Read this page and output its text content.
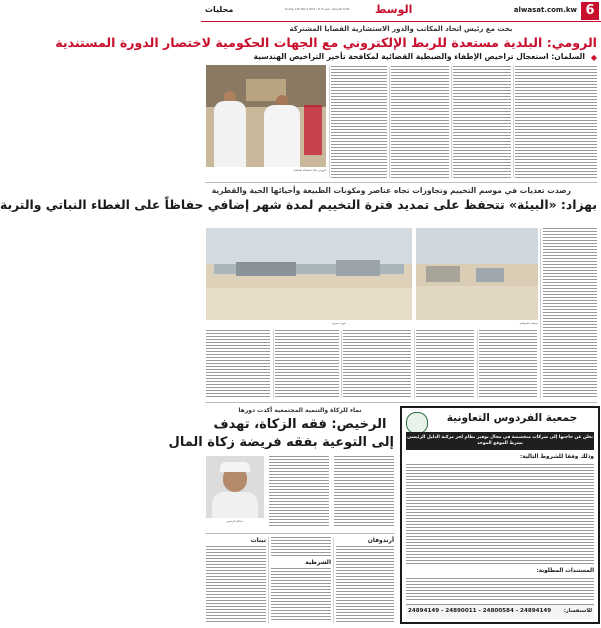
6
alwasat.com.kw
الوسط
Sunday 11th March 2018 - 11 th year - Issue No 5144
محليات
بحث مع رئيس اتحاد المكاتب والدور الاستشارية القضايا المشتركة
الرومي: البلدية مستعدة للربط الإلكتروني مع الجهات الحكومية لاختصار الدورة المستندية
◆
السلمان: استعجال تراخيص الإطفاء والضبطية القضائية لمكافحة تأخير التراخيص الهندسية
الرومي خلال استقباله السلمان
رصدت تعديات في موسم التخييم وتجاوزات تجاه عناصر ومكونات الطبيعة وأحيائها الحية والقطرية
بهزاد: «البيئة» تتحفظ على تمديد فترة التخييم لمدة شهر إضافي حفاظاً على الغطاء النباتي والتربة
صورة تعبيرية	مخيمات المواسم
نماء للزكاة والتنمية المجتمعية أكدت دورها
الرخيص: فقه الزكاة، تهدف
إلى التوعية بفقه فريضة زكاة المال
عبدالله الرخيص
تبنات
الشرطية
أرندوفان
جمعية الفردوس التعاونية
تعلن عن حاجتها إلى شركات متخصصة في مجال توفير نظام لحر مركبة الدليل الرئيسي بشرط الموقع الموحد
وذلك وفقا للشروط التالية:
المستندات المطلوبة:
للاستفسار:
24894149 - 24890011 - 24800584 - 24894149
